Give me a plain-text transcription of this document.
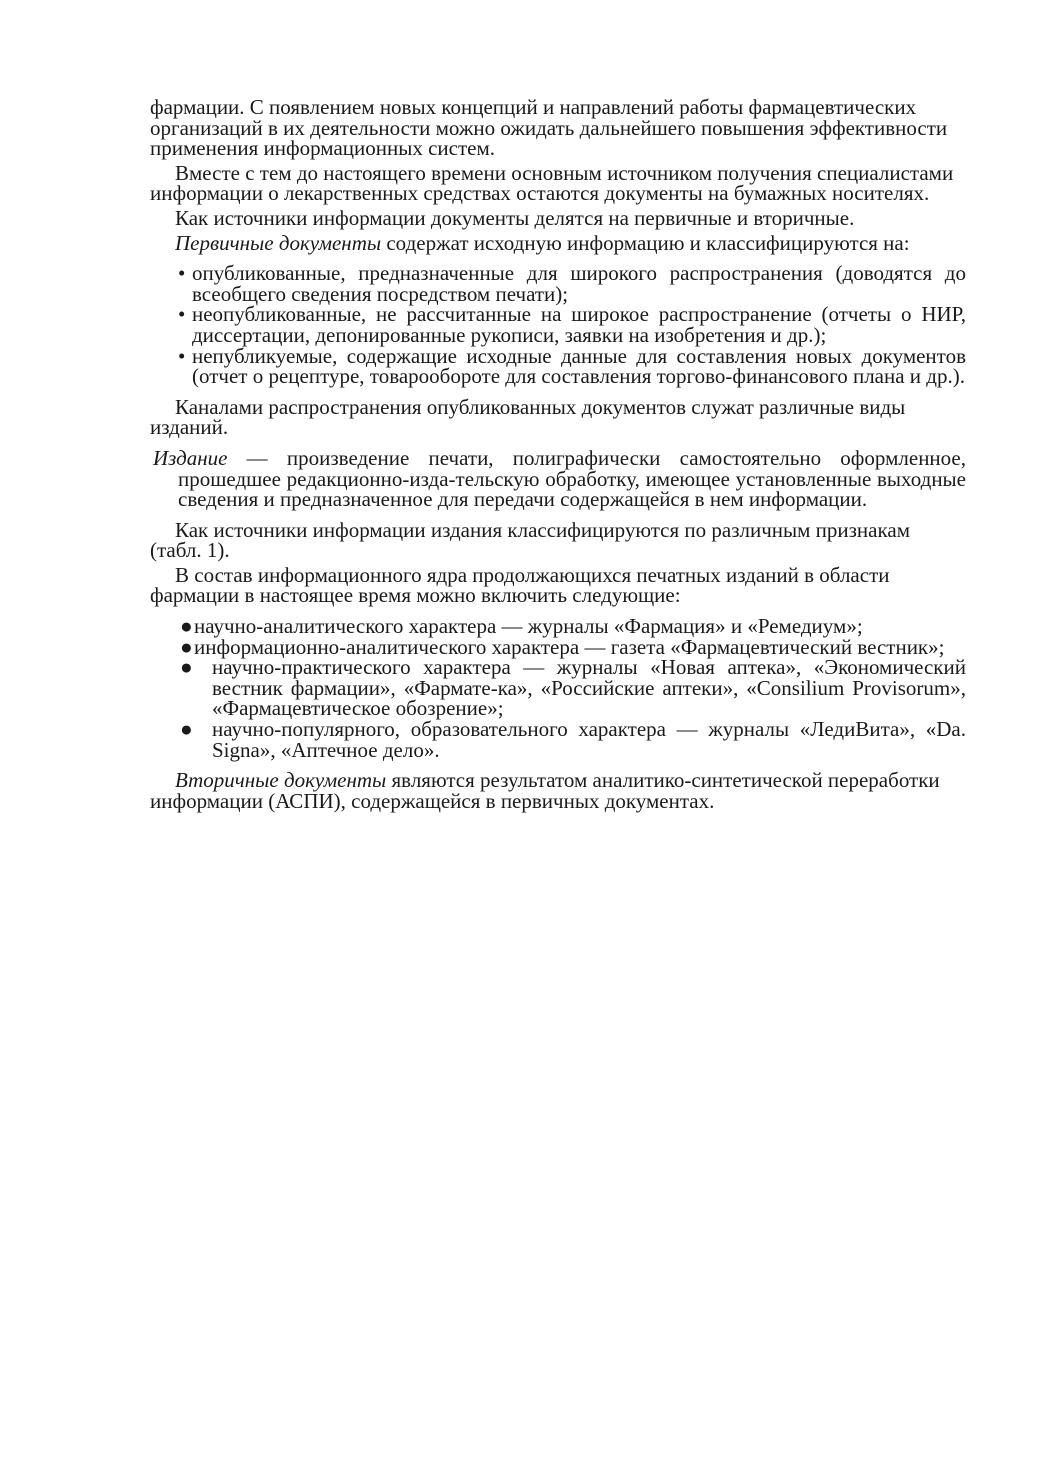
фармации. С появлением новых концепций и направлений работы фармацевтических организаций в их деятельности можно ожидать дальнейшего повышения эффективности применения информационных систем.

Вместе с тем до настоящего времени основным источником получения специалистами информации о лекарственных средствах остаются документы на бумажных носителях.

Как источники информации документы делятся на первичные и вторичные.

Первичные документы содержат исходную информацию и классифицируются на:

• опубликованные, предназначенные для широкого распространения (доводятся до всеобщего сведения посредством печати);
• неопубликованные, не рассчитанные на широкое распространение (отчеты о НИР, диссертации, депонированные рукописи, заявки на изобретения и др.);
• непубликуемые, содержащие исходные данные для составления новых документов (отчет о рецептуре, товарообороте для составления торгово-финансового плана и др.).

Каналами распространения опубликованных документов служат различные виды изданий.

Издание — произведение печати, полиграфически самостоятельно оформленное, прошедшее редакционно-изда-тельскую обработку, имеющее установленные выходные сведения и предназначенное для передачи содержащейся в нем информации.

Как источники информации издания классифицируются по различным признакам (табл. 1).

В состав информационного ядра продолжающихся печатных изданий в области фармации в настоящее время можно включить следующие:

● научно-аналитического характера — журналы «Фармация» и «Ремедиум»;
● информационно-аналитического характера — газета «Фармацевтический вестник»;
● научно-практического характера — журналы «Новая аптека», «Экономический вестник фармации», «Фармате-ка», «Российские аптеки», «Consilium Provisorum», «Фармацевтическое обозрение»;
● научно-популярного, образовательного характера — журналы «ЛедиВита», «Da. Signa», «Аптечное дело».

Вторичные документы являются результатом аналитико-синтетической переработки информации (АСПИ), содержащейся в первичных документах.
